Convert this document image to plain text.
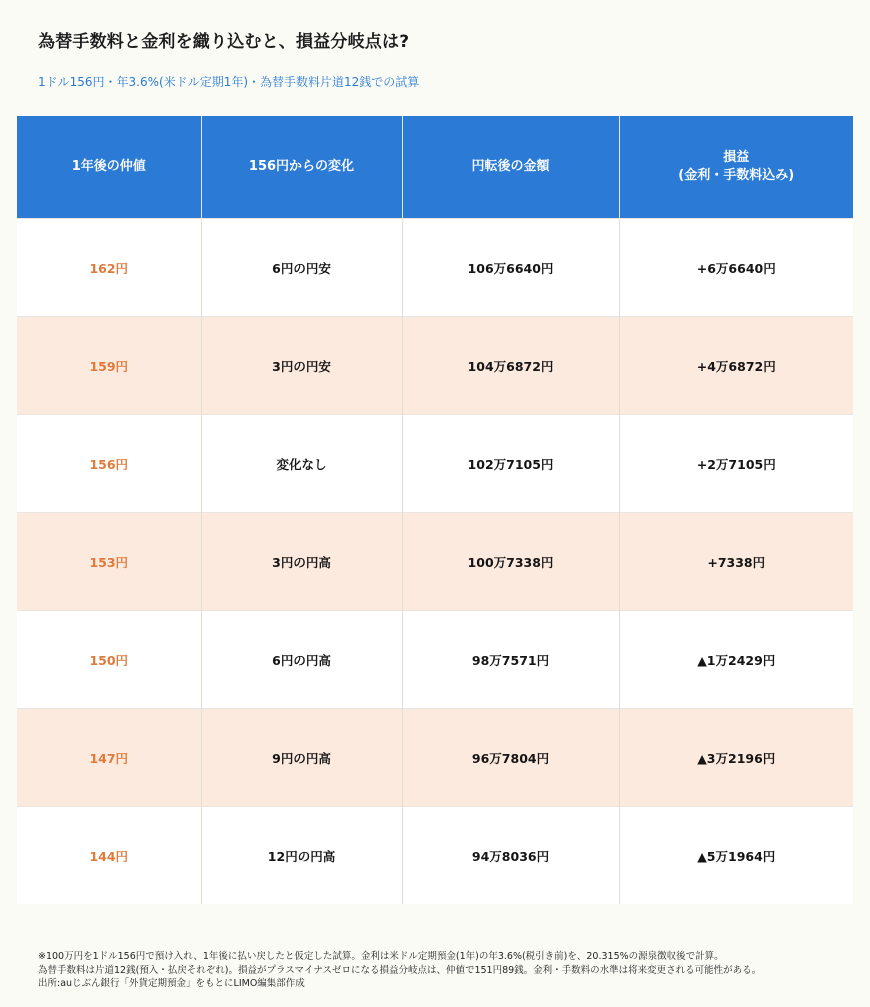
為替手数料と金利を織り込むと、損益分岐点は?
1ドル156円・年3.6%(米ドル定期1年)・為替手数料片道12銭での試算
1年後の仲値	156円からの変化	円転後の金額	損益
(金利・手数料込み)
162円	6円の円安	106万6640円	+6万6640円
159円	3円の円安	104万6872円	+4万6872円
156円	変化なし	102万7105円	+2万7105円
153円	3円の円高	100万7338円	+7338円
150円	6円の円高	98万7571円	▲1万2429円
147円	9円の円高	96万7804円	▲3万2196円
144円	12円の円高	94万8036円	▲5万1964円
※100万円を1ドル156円で預け入れ、1年後に払い戻したと仮定した試算。金利は米ドル定期預金(1年)の年3.6%(税引き前)を、20.315%の源泉徴収後で計算。
為替手数料は片道12銭(預入・払戻それぞれ)。損益がプラスマイナスゼロになる損益分岐点は、仲値で151円89銭。金利・手数料の水準は将来変更される可能性がある。
出所:auじぶん銀行「外貨定期預金」をもとにLIMO編集部作成
